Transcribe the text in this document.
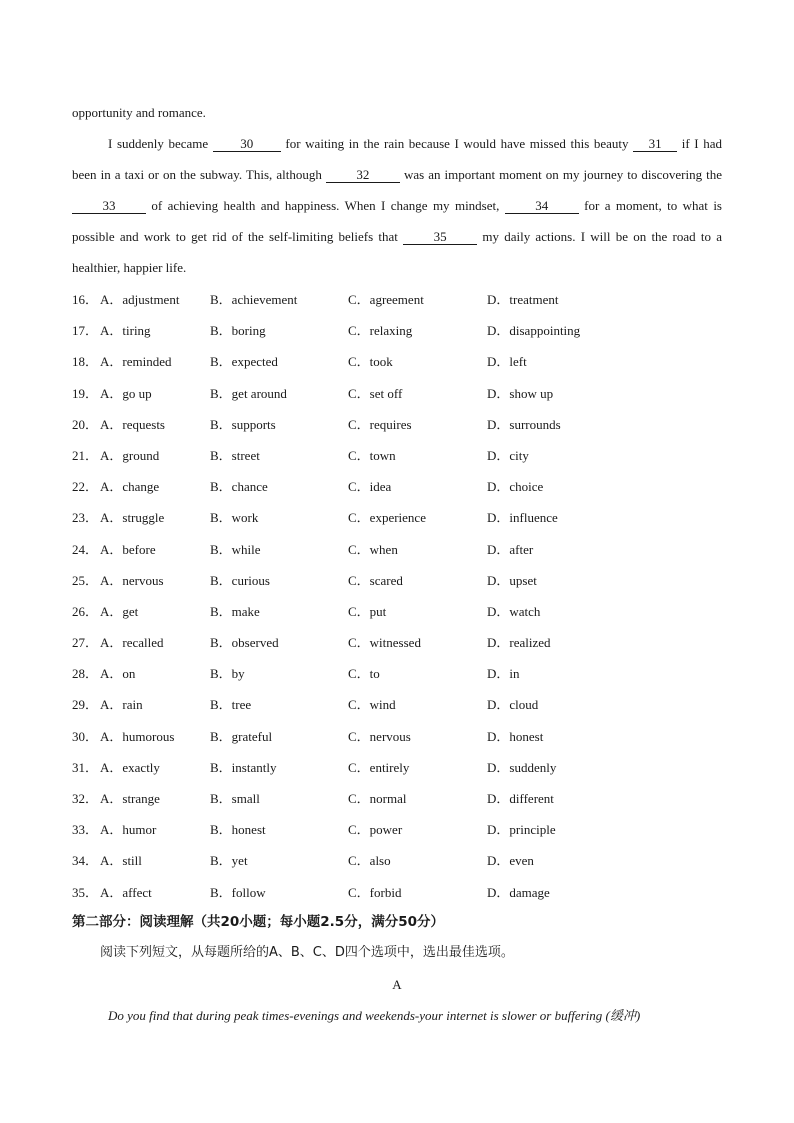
opportunity and romance.
I suddenly became 30 for waiting in the rain because I would have missed this beauty 31 if I had been in a taxi or on the subway. This, although 32 was an important moment on my journey to discovering the 33 of achieving health and happiness. When I change my mindset, 34 for a moment, to what is possible and work to get rid of the self-limiting beliefs that 35 my daily actions. I will be on the road to a healthier, happier life.
16． A．adjustment B．achievement	C．agreement	D．treatment
17． A．tiring	B．boring	C．relaxing	D．disappointing
18． A．reminded	B．expected	C．took	D．left
19． A．go up	B．get around	C．set off	D．show up
20． A．requests	B．supports	C．requires	D．surrounds
21． A．ground	B．street	C．town	D．city
22． A．change	B．chance	C．idea	D．choice
23． A．struggle	B．work	C．experience	D．influence
24． A．before	B．while	C．when	D．after
25． A．nervous	B．curious	C．scared	D．upset
26． A．get	B．make	C．put	D．watch
27． A．recalled	B．observed	C．witnessed	D．realized
28． A．on	B．by	C．to	D．in
29． A．rain	B．tree	C．wind	D．cloud
30． A．humorous	B．grateful	C．nervous	D．honest
31． A．exactly	B．instantly	C．entirely	D．suddenly
32． A．strange	B．small	C．normal	D．different
33． A．humor	B．honest	C．power	D．principle
34． A．still	B．yet	C．also	D．even
35． A．affect	B．follow	C．forbid	D．damage
第二部分：阅读理解（共20小题；每小题2.5分，满分50分）
阅读下列短文，从每题所给的A、B、C、D四个选项中，选出最佳选项。
A
Do you find that during peak times-evenings and weekends-your internet is slower or buffering (缓冲)
